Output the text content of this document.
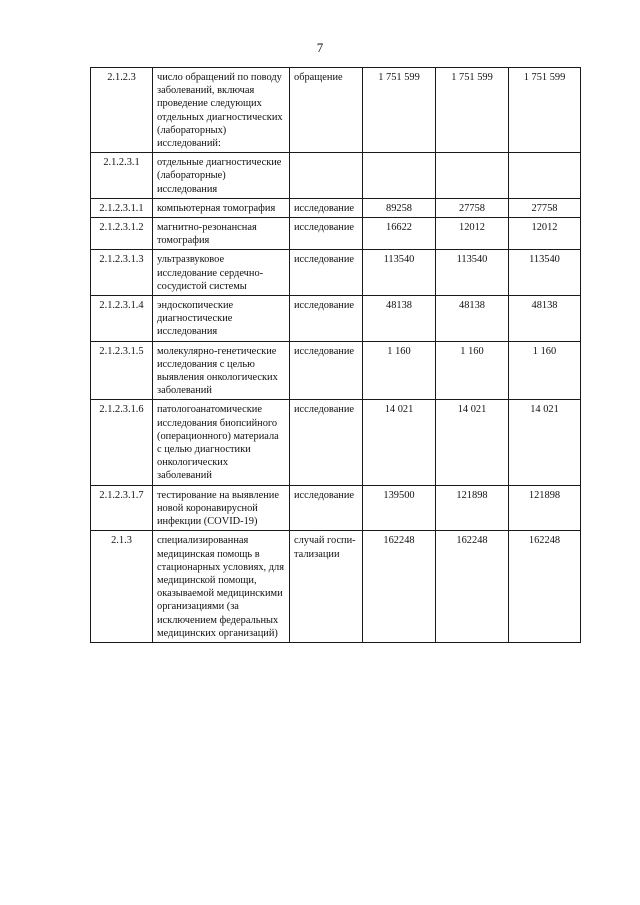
7
2.1.2.3	число обращений по поводу заболеваний, включая проведение следующих отдельных диагностических (лабораторных) исследований:	обращение	1 751 599	1 751 599	1 751 599
2.1.2.3.1	отдельные диагностические (лабораторные) исследования				
2.1.2.3.1.1	компьютерная томография	исследование	89258	27758	27758
2.1.2.3.1.2	магнитно-резонансная томография	исследование	16622	12012	12012
2.1.2.3.1.3	ультразвуковое исследование сердечно-сосудистой системы	исследование	113540	113540	113540
2.1.2.3.1.4	эндоскопические диагностические исследования	исследование	48138	48138	48138
2.1.2.3.1.5	молекулярно-генетические исследования с целью выявления онкологических заболеваний	исследование	1 160	1 160	1 160
2.1.2.3.1.6	патологоанатомические исследования биопсийного (операционного) материала с целью диагностики онкологических заболеваний	исследование	14 021	14 021	14 021
2.1.2.3.1.7	тестирование на выявление новой коронавирусной инфекции (COVID-19)	исследование	139500	121898	121898
2.1.3	специализированная медицинская помощь в стационарных условиях, для медицинской помощи, оказываемой медицинскими организациями (за исключением федеральных медицинских организаций)	случай госпи-тализации	162248	162248	162248
